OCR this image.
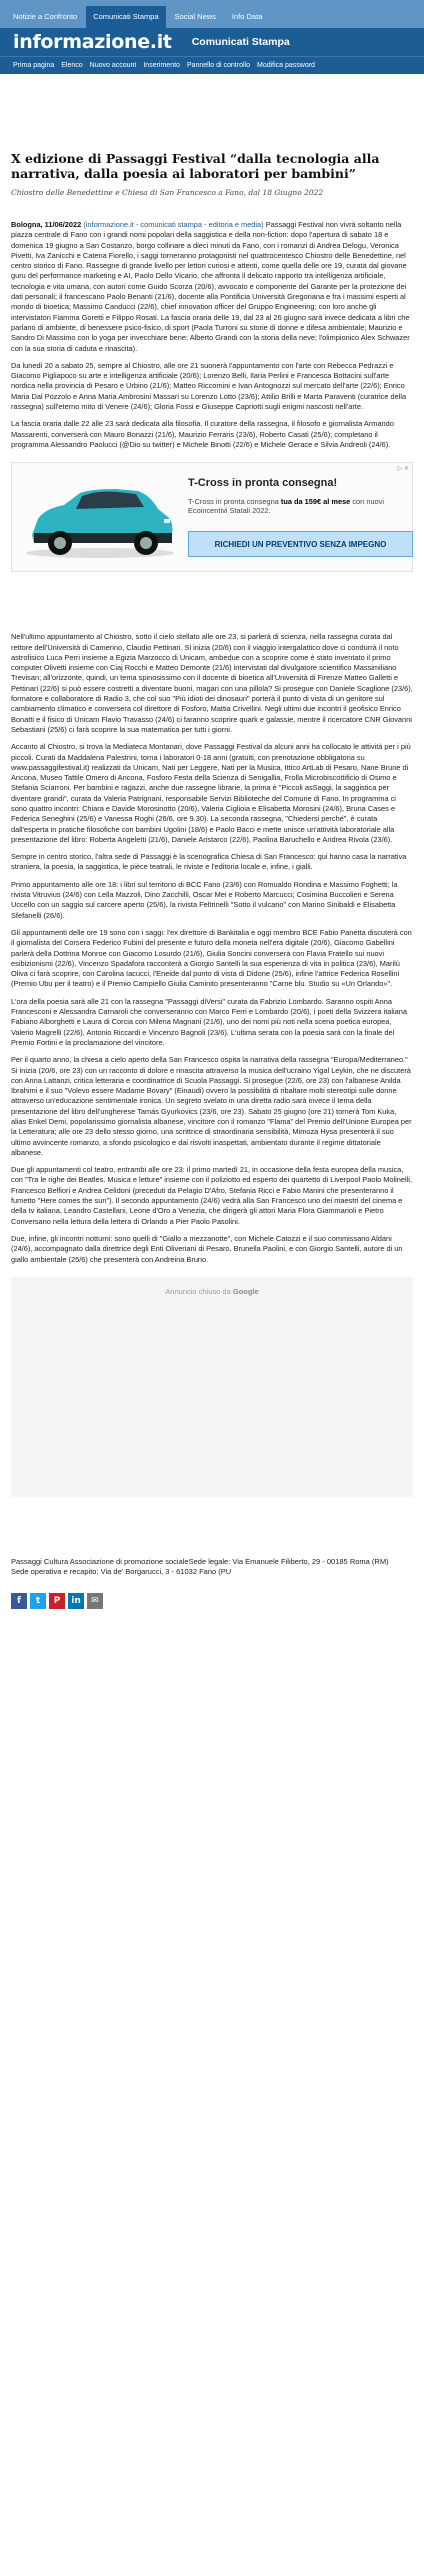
Notizie a Confronto	Comunicati Stampa	Social News	Info Data
informazione.it Comunicati Stampa
Prima pagina Elenco Nuovo account Inserimento Pannello di controllo Modifica password
X edizione di Passaggi Festival “dalla tecnologia alla narrativa, dalla poesia ai laboratori per bambini”
Chiostro delle Benedettine e Chiesa di San Francesco a Fano, dal 18 Giugno 2022
Bologna, 11/06/2022 (informazione.it - comunicati stampa - editoria e media) Passaggi Festival non vivrà soltanto nella piazza centrale di Fano con i grandi nomi popolari della saggistica e della non-fiction: dopo l'apertura di sabato 18 e domenica 19 giugno a San Costanzo, borgo collinare a dieci minuti da Fano, con i romanzi di Andrea Delogu, Veronica Pivetti, Iva Zanicchi e Catena Fiorello, i saggi torneranno protagonisti nel quattrocentesco Chiostro delle Benedettine, nel centro storico di Fano. Rassegne di grande livello per lettori curiosi e attenti, come quella delle ore 19, curata dal giovane guru del performance marketing e AI, Paolo Dello Vicario, che affronta il delicato rapporto tra intelligenza artificiale, tecnologia e vita umana, con autori come Guido Scorza (20/6), avvocato e componente del Garante per la protezione dei dati personali; il francescano Paolo Benanti (21/6), docente alla Pontificia Università Gregoriana e fra i massimi esperti al mondo di bioetica; Massimo Canducci (22/6), chief innovation officer del Gruppo Engineering; con loro anche gli intervistatori Fiamma Goretti e Filippo Rosati. La fascia oraria delle 19, dal 23 al 26 giugno sarà invece dedicata a libri che parlano di ambiente, di benessere psico-fisico, di sport (Paola Turroni su storie di donne e difesa ambientale; Maurizio e Sandro Di Massimo con lo yoga per invecchiare bene; Alberto Grandi con la storia della neve; l'olimpionico Alex Schwazer con la sua storia di caduta e rinascita).

Da lunedì 20 a sabato 25, sempre al Chiostro, alle ore 21 suonerà l'appuntamento con l'arte con Rebecca Pedrazzi e Giacomo Pigliapoco su arte e intelligenza artificiale (20/6); Lorenzo Belli, Ilaria Perlini e Francesca Bottacini sull'arte nordica nella provincia di Pesaro e Urbino (21/6); Matteo Riccomini e Ivan Antognozzi sul mercato dell'arte (22/6); Enrico Maria Dal Pozzolo e Anna Maria Ambrosini Massari su Lorenzo Lotto (23/6); Attilio Brilli e Marta Paraventi (curatrice della rassegna) sull'eterno mito di Venere (24/6); Gloria Fossi e Giuseppe Capriotti sugli enigmi nascosti nell'arte.

La fascia oraria dalle 22 alle 23 sarà dedicata alla filosofia. Il curatore della rassegna, il filosofo e giornalista Armando Massarenti, converserà con Mauro Bonazzi (21/6), Maurizio Ferraris (23/6), Roberto Casati (25/6); completano il programma Alessandro Paolucci (@Dio su twitter) e Michele Binotti (22/6) e Michele Gerace e Silvia Andreoli (24/6).

▷ ✕
T-Cross in pronta consegna!
T-Cross in pronta consegna tua da 159€ al mese con nuovi Ecoincentivi Statali 2022.
RICHIEDI UN PREVENTIVO SENZA IMPEGNO

Nell'ultimo appuntamento al Chiostro, sotto il cielo stellato alle ore 23, si parlerà di scienza, nella rassegna curata dal rettore dell'Università di Camerino, Claudio Pettinari. Si inizia (20/6) con il viaggio intergalattico dove ci condurrà il noto astrofisico Luca Perri insieme a Egizia Marzocco di Unicam, ambedue con a scoprire come è stato inventato il primo computer Olivetti insieme con Ciaj Rocchi e Matteo Demonte (21/6) intervistati dal divulgatore scientifico Massimiliano Trevisan; all'orizzonte, quindi, un tema spinosissimo con il docente di bioetica all'Università di Firenze Matteo Galletti e Pettinari (22/6) si può essere costretti a diventare buoni, magari con una pillola? Si prosegue con Daniele Scaglione (23/6), formatore e collaboratore di Radio 3, che col suo "Più idioti dei dinosauri" porterà il punto di vista di un genitore sul cambiamento climatico e conversera col direttore di Fosforo, Mattia Crivellini. Negli ultimi due incontri il geofisico Enrico Bonatti e il fisico di Unicam Flavio Travasso (24/6) ci faranno scoprire quark e galassie, mentre il ricercatore CNR Giovanni Sebastiani (25/6) ci farà scoprire la sua matematica per tutti i giorni.

Accanto al Chiostro, si trova la Mediateca Montanari, dove Passaggi Festival da alcuni anni ha collocato le attività per i più piccoli. Curati da Maddalena Palestrini, torna i laboratori 0-18 anni (gratuiti, con prenotazione obbligatoria su www.passaggifestival.it) realizzati da Unicam, Nati per Leggere, Nati per la Musica, Ittico ArtLab di Pesaro, Nane Brune di Ancona, Museo Tattile Omero di Ancona, Fosforo Festa della Scienza di Senigallia, Frolla Microbiscottificio di Osimo e Stefania Sciarroni. Per bambini e ragazzi, anche due rassegne librarie, la prima è "Piccoli asSaggi, la saggistica per diventare grandi", curata da Valeria Patrignani, responsabile Servizi Biblioteche del Comune di Fano. In programma ci sono quattro incontri: Chiara e Davide Morosinotto (20/6), Valeria Ciglioia e Elisabetta Morosini (24/6), Bruna Cases e Federica Seneghini (25/6) e Vanessa Roghi (26/6, ore 9.30). La seconda rassegna, "Chiedersi perché", è curata dall'esperta in pratiche filosofiche con bambini Ugolini (18/6) e Paolo Bacci e mette unisce un'attività laboratoriale alla presentazione del libro: Roberta Angeletti (21/6), Daniele Aristarco (22/6), Paolina Baruchello e Andrea Rivola (23/6).

Sempre in centro storico, l'altra sede di Passaggi è la scenografica Chiesa di San Francesco: qui hanno casa la narrativa straniera, la poesia, la saggistica, le pièce teatrali, le riviste e l'editoria locale e, infine, i gialli.

Primo appuntamento alle ore 18: i libri sul territorio di BCC Fano (23/6) con Romualdo Rondina e Massimo Foghetti; la rivista Vitruvius (24/6) con Lella Mazzoli, Dino Zacchilli, Oscar Mei e Roberto Marcucci; Cosimina Buccolieri e Serena Uccello con un saggio sul carcere aperto (25/6), la rivista Feltrinelli "Sotto il vulcano" con Marino Sinibaldi e Elisabetta Sfefanelli (26/6).

Gli appuntamenti delle ore 19 sono con i saggi: l'ex direttore di Bankitalia e oggi membro BCE Fabio Panetta discuterà con il giornalista del Corsera Federico Fubini del presente e futuro della moneta nell'era digitale (20/6), Giacomo Gabellini parlerà della Dottrina Monroe con Giacomo Losurdo (21/6), Giulia Soncini converserà con Flavia Fratello sui nuovi esibizionismi (22/6), Vincenzo Spadafora racconterà a Giorgio Santelli la sua esperienza di vita in politica (23/6), Marilù Oliva ci farà scoprire, con Carolina Iacucci, l'Eneide dal punto di vista di Didone (25/6), infine l'attrice Federica Rosellini (Premio Ubu per il teatro) e il Premio Campiello Giulia Caminito presenteranno "Carne blu. Studio su «Un Orlando»".

L'ora della poesia sarà alle 21 con la rassegna "Passaggi diVersi" curata da Fabrizio Lombardo. Saranno ospiti Anna Francesconi e Alessandra Carnaroli che converseranno con Marco Ferri e Lombardo (20/6), i poeti della Svizzera italiana Fabiano Alborghetti e Laura di Corcia con Milena Magnani (21/6), uno dei nomi più noti nella scena poetica europea, Valerio Magrelli (22/6), Antonio Riccardi e Vincenzo Bagnoli (23/6). L'ultima serata con la poesia sarà con la finale del Premio Fortini e la proclamazione del vincitore.

Per il quarto anno, la chiesa a cielo aperto della San Francesco ospita la narrativa della rassegna "Europa/Mediterraneo." Si inizia (20/6, ore 23) con un racconto di dolore e rinascita attraverso la musica dell'ucraino Yigal Leykin, che ne discuterà con Anna Lattanzi, critica letteraria e coordinatrice di Scuola Passaggi. Si prosegue (22/6, ore 23) con l'albanese Anilda Ibrahimi e il suo "Volevo essere Madame Bovary" (Einaudi) ovvero la possibilità di ribaltare molti stereotipi sulle donne attraverso un'educazione sentimentale ironica. Un segreto svelato in una diretta radio sarà invece il tema della presentazione del libro dell'ungherese Tamás Gyurkovics (23/6, ore 23). Sabato 25 giugno (ore 21) tornerà Tom Kuka, alias Enkel Demi, popolarissimo giornalista albanese, vincitore con il romanzo "Flama" del Premio dell'Unione Europea per la Letteratura; alle ore 23 dello stesso giorno, una scrittrice di straordinaria sensibilità, Mimoza Hysa presenterà il suo ultimo avvincente romanzo, a sfondo psicologico e dai risvolti inaspettati, ambientato durante il regime dittatoriale albanese.

Due gli appuntamenti col teatro, entrambi alle ore 23: il primo martedì 21, in occasione della festa europea della musica, con "Tra le righe dei Beatles. Musica e letture" insieme con il poliziotto ed esperto dei quartetto di Liverpool Paolo Molinelli, Francesco Belfiori e Andrea Celidoni (preceduti da Pelagio D'Afro, Stefania Ricci e Fabio Manini che presenteranno il fumetto "Here comes the sun"). Il secondo appuntamento (24/6) vedrà alla San Francesco uno dei maestri del cinema e della tv italiana, Leandro Castellani, Leone d'Oro a Venezia, che dirigerà gli attori Maria Flora Giammarioli e Pietro Conversano nella lettura della lettera di Orlando a Pier Paolo Pasolini.

Due, infine, gli incontri notturni: sono quelli di "Giallo a mezzanotte", con Michele Catozzi e il suo commissario Aldani (24/6), accompagnato dalla direttrice degli Enti Oliveriani di Pesaro, Brunella Paolini, e con Giorgio Santelli, autore di un giallo ambientale (25/6) che presenterà con Andreina Bruno.

Annuncio chiuso da
Google
Passaggi Cultura Associazione di promozione socialeSede legale: Via Emanuele Filiberto, 29 - 00185 Roma (RM)
Sede operativa e recapito: Via de' Borgarucci, 3 - 61032 Fano (PU
f	t	P	in	✉
